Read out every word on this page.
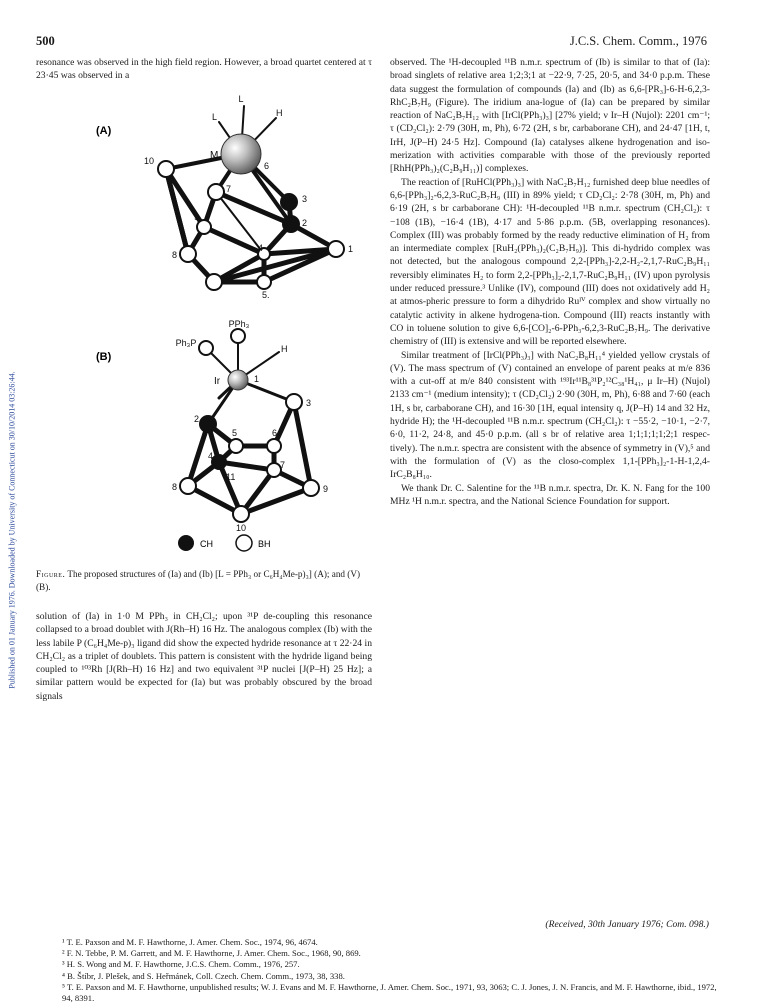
500	J.C.S. Chem. Comm., 1976
Published on 01 January 1976. Downloaded by University of Connecticut on 30/10/2014 03:26:44.

resonance was observed in the high field region. However, a broad quartet centered at τ 23·45 was observed in a

(A)
L
L	H
M
6
10
7
3
2
9
4
8
1
5.
(B)
PPh₃
Ph₃P
H
Ir	1
2
3
5	6
4
7
11
8	9
10
CH	BH
Figure. The proposed structures of (Ia) and (Ib) [L = PPh₃ or C₆H₄Me-p)₃] (A); and (V) (B).

solution of (Ia) in 1·0 M PPh₃ in CH₂Cl₂; upon ³¹P de-coupling this resonance collapsed to a broad doublet with J(Rh–H) 16 Hz. The analogous complex (Ib) with the less labile P (C₆H₄Me-p)₃ ligand did show the expected hydride resonance at τ 22·24 in CH₂Cl₂ as a triplet of doublets. This pattern is consistent with the hydride ligand being coupled to ¹⁰³Rh [J(Rh–H) 16 Hz] and two equivalent ³¹P nuclei [J(P–H) 25 Hz]; a similar pattern would be expected for (Ia) but was probably obscured by the broad signals

observed. The ¹H-decoupled ¹¹B n.m.r. spectrum of (Ib) is similar to that of (Ia): broad singlets of relative area 1;2;3;1 at −22·9, 7·25, 20·5, and 34·0 p.p.m. These data suggest the formulation of compounds (Ia) and (Ib) as 6,6-[PR₃]-6-H-6,2,3-RhC₂B₇H₉ (Figure). The iridium ana-logue of (Ia) can be prepared by similar reaction of NaC₂B₇H₁₂ with [IrCl(PPh₃)₃] [27% yield; ν Ir–H (Nujol): 2201 cm⁻¹; τ (CD₂Cl₂): 2·79 (30H, m, Ph), 6·72 (2H, s br, carbaborane CH), and 24·47 [1H, t, IrH, J(P–H) 24·5 Hz]. Compound (Ia) catalyses alkene hydrogenation and iso-merization with activities comparable with those of the previously reported [RhH(PPh₃)₂(C₂B₉H₁₁)] complexes.

The reaction of [RuHCl(PPh₃)₃] with NaC₂B₇H₁₂ furnished deep blue needles of 6,6-[PPh₃]₂-6,2,3-RuC₂B₇H₉ (III) in 89% yield; τ CD₂Cl₂: 2·78 (30H, m, Ph) and 6·19 (2H, s br carbaborane CH): ¹H-decoupled ¹¹B n.m.r. spectrum (CH₂Cl₂): τ −108 (1B), −16·4 (1B), 4·17 and 5·86 p.p.m. (5B, overlapping resonances). Complex (III) was probably formed by the ready reductive elimination of H₂ from an intermediate complex [RuH₂(PPh₃)₂(C₂B₇H₉)]. This di-hydrido complex was not detected, but the analogous compound 2,2-[PPh₃]-2,2-H₂-2,1,7-RuC₂B₉H₁₁ reversibly eliminates H₂ to form 2,2-[PPh₃]₂-2,1,7-RuC₂B₉H₁₁ (IV) upon pyrolysis under reduced pressure.³ Unlike (IV), compound (III) does not oxidatively add H₂ at atmos-pheric pressure to form a dihydrido Ruᴵⱽ complex and show virtually no catalytic activity in alkene hydrogena-tion. Compound (III) reacts instantly with CO in toluene solution to give 6,6-[CO]₂-6-PPh₃-6,2,3-RuC₂B₇H₉. The derivative chemistry of (III) is extensive and will be reported elsewhere.

Similar treatment of [IrCl(PPh₃)₃] with NaC₂B₈H₁₁⁴ yielded yellow crystals of (V). The mass spectrum of (V) contained an envelope of parent peaks at m/e 836 with a cut-off at m/e 840 consistent with ¹⁹³Ir¹¹B₈³¹P₂¹²C₃₈¹H₄₁, μ Ir–H) (Nujol) 2133 cm⁻¹ (medium intensity); τ (CD₂Cl₂) 2·90 (30H, m, Ph), 6·88 and 7·60 (each 1H, s br, carbaborane CH), and 16·30 [1H, equal intensity q, J(P–H) 14 and 32 Hz, hydride H); the ¹H-decoupled ¹¹B n.m.r. spectrum (CH₂Cl₂): τ −55·2, −10·1, −2·7, 6·0, 11·2, 24·8, and 45·0 p.p.m. (all s br of relative area 1;1;1;1;1;2;1 respec-tively). The n.m.r. spectra are consistent with the absence of symmetry in (V),⁵ and with the formulation of (V) as the closo-complex 1,1-[PPh₃]₂-1-H-1,2,4-IrC₂B₈H₁₀.

We thank Dr. C. Salentine for the ¹¹B n.m.r. spectra, Dr. K. N. Fang for the 100 MHz ¹H n.m.r. spectra, and the National Science Foundation for support.

(Received, 30th January 1976; Com. 098.)

¹ T. E. Paxson and M. F. Hawthorne, J. Amer. Chem. Soc., 1974, 96, 4674.

² F. N. Tebbe, P. M. Garrett, and M. F. Hawthorne, J. Amer. Chem. Soc., 1968, 90, 869.

³ H. S. Wong and M. F. Hawthorne, J.C.S. Chem. Comm., 1976, 257.

⁴ B. Štíbr, J. Plešek, and S. Heřmánek, Coll. Czech. Chem. Comm., 1973, 38, 338.

⁵ T. E. Paxson and M. F. Hawthorne, unpublished results; W. J. Evans and M. F. Hawthorne, J. Amer. Chem. Soc., 1971, 93, 3063; C. J. Jones, J. N. Francis, and M. F. Hawthorne, ibid., 1972, 94, 8391.
